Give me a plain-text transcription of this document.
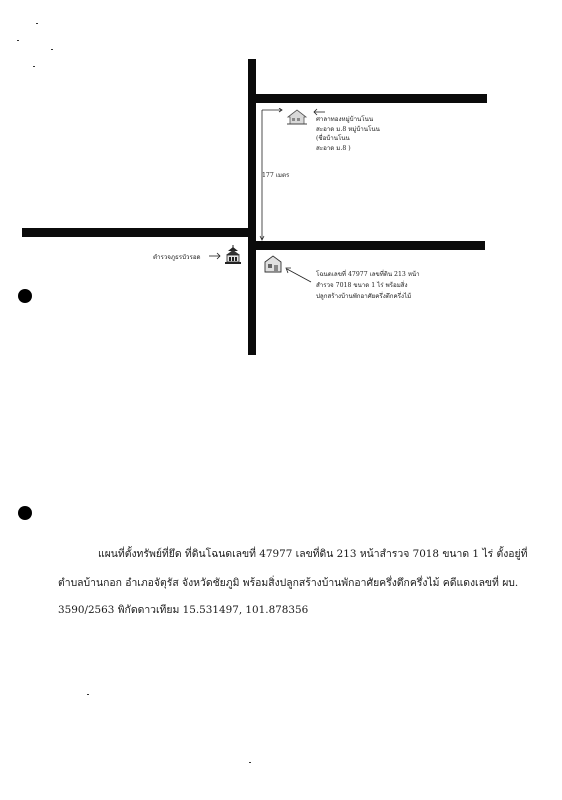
177 เมตร
ศาลาทองหมู่บ้านโนน
สะอาด ม.8 หมู่บ้านโนน
(ชื่อบ้านโนน
สะอาด ม.8 )
ตำรวจภูธรบัวรอด
โฉนดเลขที่ 47977 เลขที่ดิน 213 หน้า
สำรวจ 7018 ขนาด 1 ไร่ พร้อมสิ่ง
ปลูกสร้างบ้านพักอาศัยครึ่งตึกครึ่งไม้
แผนที่ตั้งทรัพย์ที่ยึด ที่ดินโฉนดเลขที่ 47977 เลขที่ดิน 213 หน้าสำรวจ 7018 ขนาด 1 ไร่ ตั้งอยู่ที่
ตำบลบ้านกอก อำเภอจัตุรัส จังหวัดชัยภูมิ พร้อมสิ่งปลูกสร้างบ้านพักอาศัยครึ่งตึกครึ่งไม้ คดีแดงเลขที่ ผบ.
3590/2563 พิกัดดาวเทียม 15.531497, 101.878356
